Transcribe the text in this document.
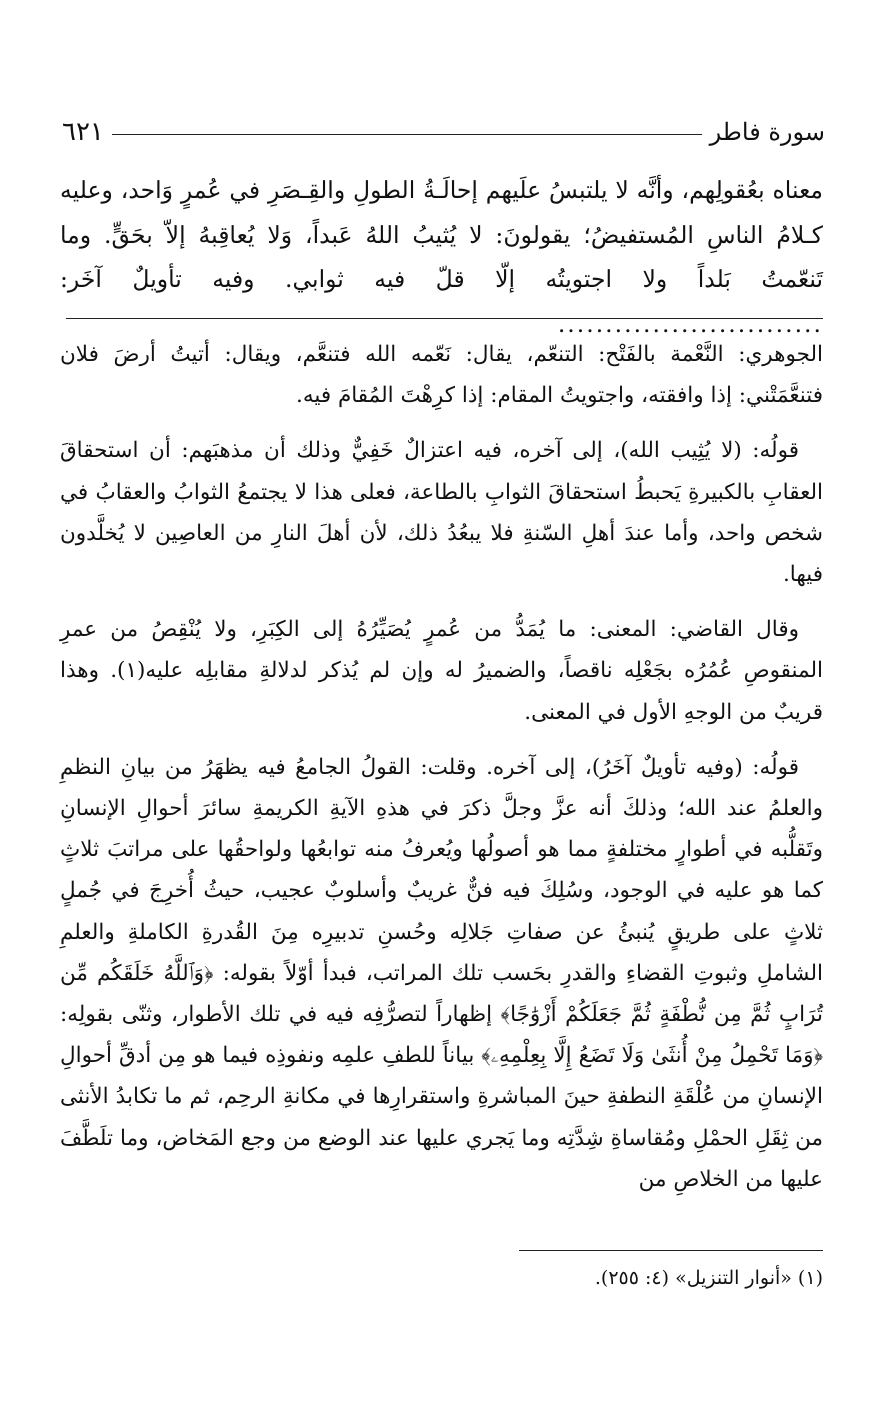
سورة فاطر
٦٢١

معناه بعُقولِهم، وأنَّه لا يلتبسُ علَيهم إحالَـةُ الطولِ والقِـصَرِ في عُمرٍ وَاحد، وعليه كـلامُ الناسِ المُستفيضُ؛ يقولونَ: لا يُثيبُ اللهُ عَبداً، وَلا يُعاقِبهُ إلاّ بحَقٍّ. وما تَنعّمتُ بَلداً ولا اجتويتُه إلّا قلّ فيه ثوابي. وفيه تأويلٌ آخَر: ............................

الجوهري: النَّعْمة بالفَتْح: التنعّم، يقال: نَعّمه الله فتنعَّم، ويقال: أتيتُ أرضَ فلان فتنعَّمَتْني: إذا وافقته، واجتويتُ المقام: إذا كرِهْتَ المُقامَ فيه.

قولُه: (لا يُثِيب الله)، إلى آخره، فيه اعتزالٌ خَفِيٌّ وذلك أن مذهبَهم: أن استحقاقَ العقابِ بالكبيرةِ يَحبطُ استحقاقَ الثوابِ بالطاعة، فعلى هذا لا يجتمعُ الثوابُ والعقابُ في شخص واحد، وأما عندَ أهلِ السّنةِ فلا يبعُدُ ذلك، لأن أهلَ النارِ من العاصِين لا يُخلَّدون فيها.

وقال القاضي: المعنى: ما يُمَدُّ من عُمرٍ يُصَيِّرُهُ إلى الكِبَرِ، ولا يُنْقِصُ من عمرِ المنقوصِ عُمُرُه بجَعْلِه ناقصاً، والضميرُ له وإن لم يُذكر لدلالةِ مقابلِه عليه(١). وهذا قريبٌ من الوجهِ الأول في المعنى.

قولُه: (وفيه تأويلٌ آخَرُ)، إلى آخره. وقلت: القولُ الجامعُ فيه يظهَرُ من بيانِ النظمِ والعلمُ عند الله؛ وذلكَ أنه عزَّ وجلَّ ذكرَ في هذهِ الآيةِ الكريمةِ سائرَ أحوالِ الإنسانِ وتَقلُّبه في أطوارٍ مختلفةٍ مما هو أصولُها ويُعرفُ منه توابعُها ولواحقُها على مراتبَ ثلاثٍ كما هو عليه في الوجود، وسُلِكَ فيه فنٌّ غريبٌ وأسلوبٌ عجيب، حيثُ أُخرِجَ في جُملٍ ثلاثٍ على طريقٍ يُنبئُ عن صفاتِ جَلالِه وحُسنِ تدبيرِه مِنَ القُدرةِ الكاملةِ والعلمِ الشاملِ وثبوتِ القضاءِ والقدرِ بحَسب تلك المراتب، فبدأ أوّلاً بقوله: ﴿وَٱللَّهُ خَلَقَكُم مِّن تُرَابٍ ثُمَّ مِن نُّطْفَةٍ ثُمَّ جَعَلَكُمْ أَزْوَٰجًا﴾ إظهاراً لتصرُّفِه فيه في تلك الأطوار، وثنّى بقولِه: ﴿وَمَا تَحْمِلُ مِنْ أُنثَىٰ وَلَا تَضَعُ إِلَّا بِعِلْمِهِۦ﴾ بياناً للطفِ علمِه ونفوذِه فيما هو مِن أدقِّ أحوالِ الإنسانِ من عُلْقَةِ النطفةِ حينَ المباشرةِ واستقرارِها في مكانةِ الرحِم، ثم ما تكابدُ الأنثى من ثِقَلِ الحمْلِ ومُقاساةِ شِدَّتِه وما يَجري عليها عند الوضع من وجع المَخاض، وما تلَطَّفَ عليها من الخلاصِ من

(١) «أنوار التنزيل» (٤: ٢٥٥).
